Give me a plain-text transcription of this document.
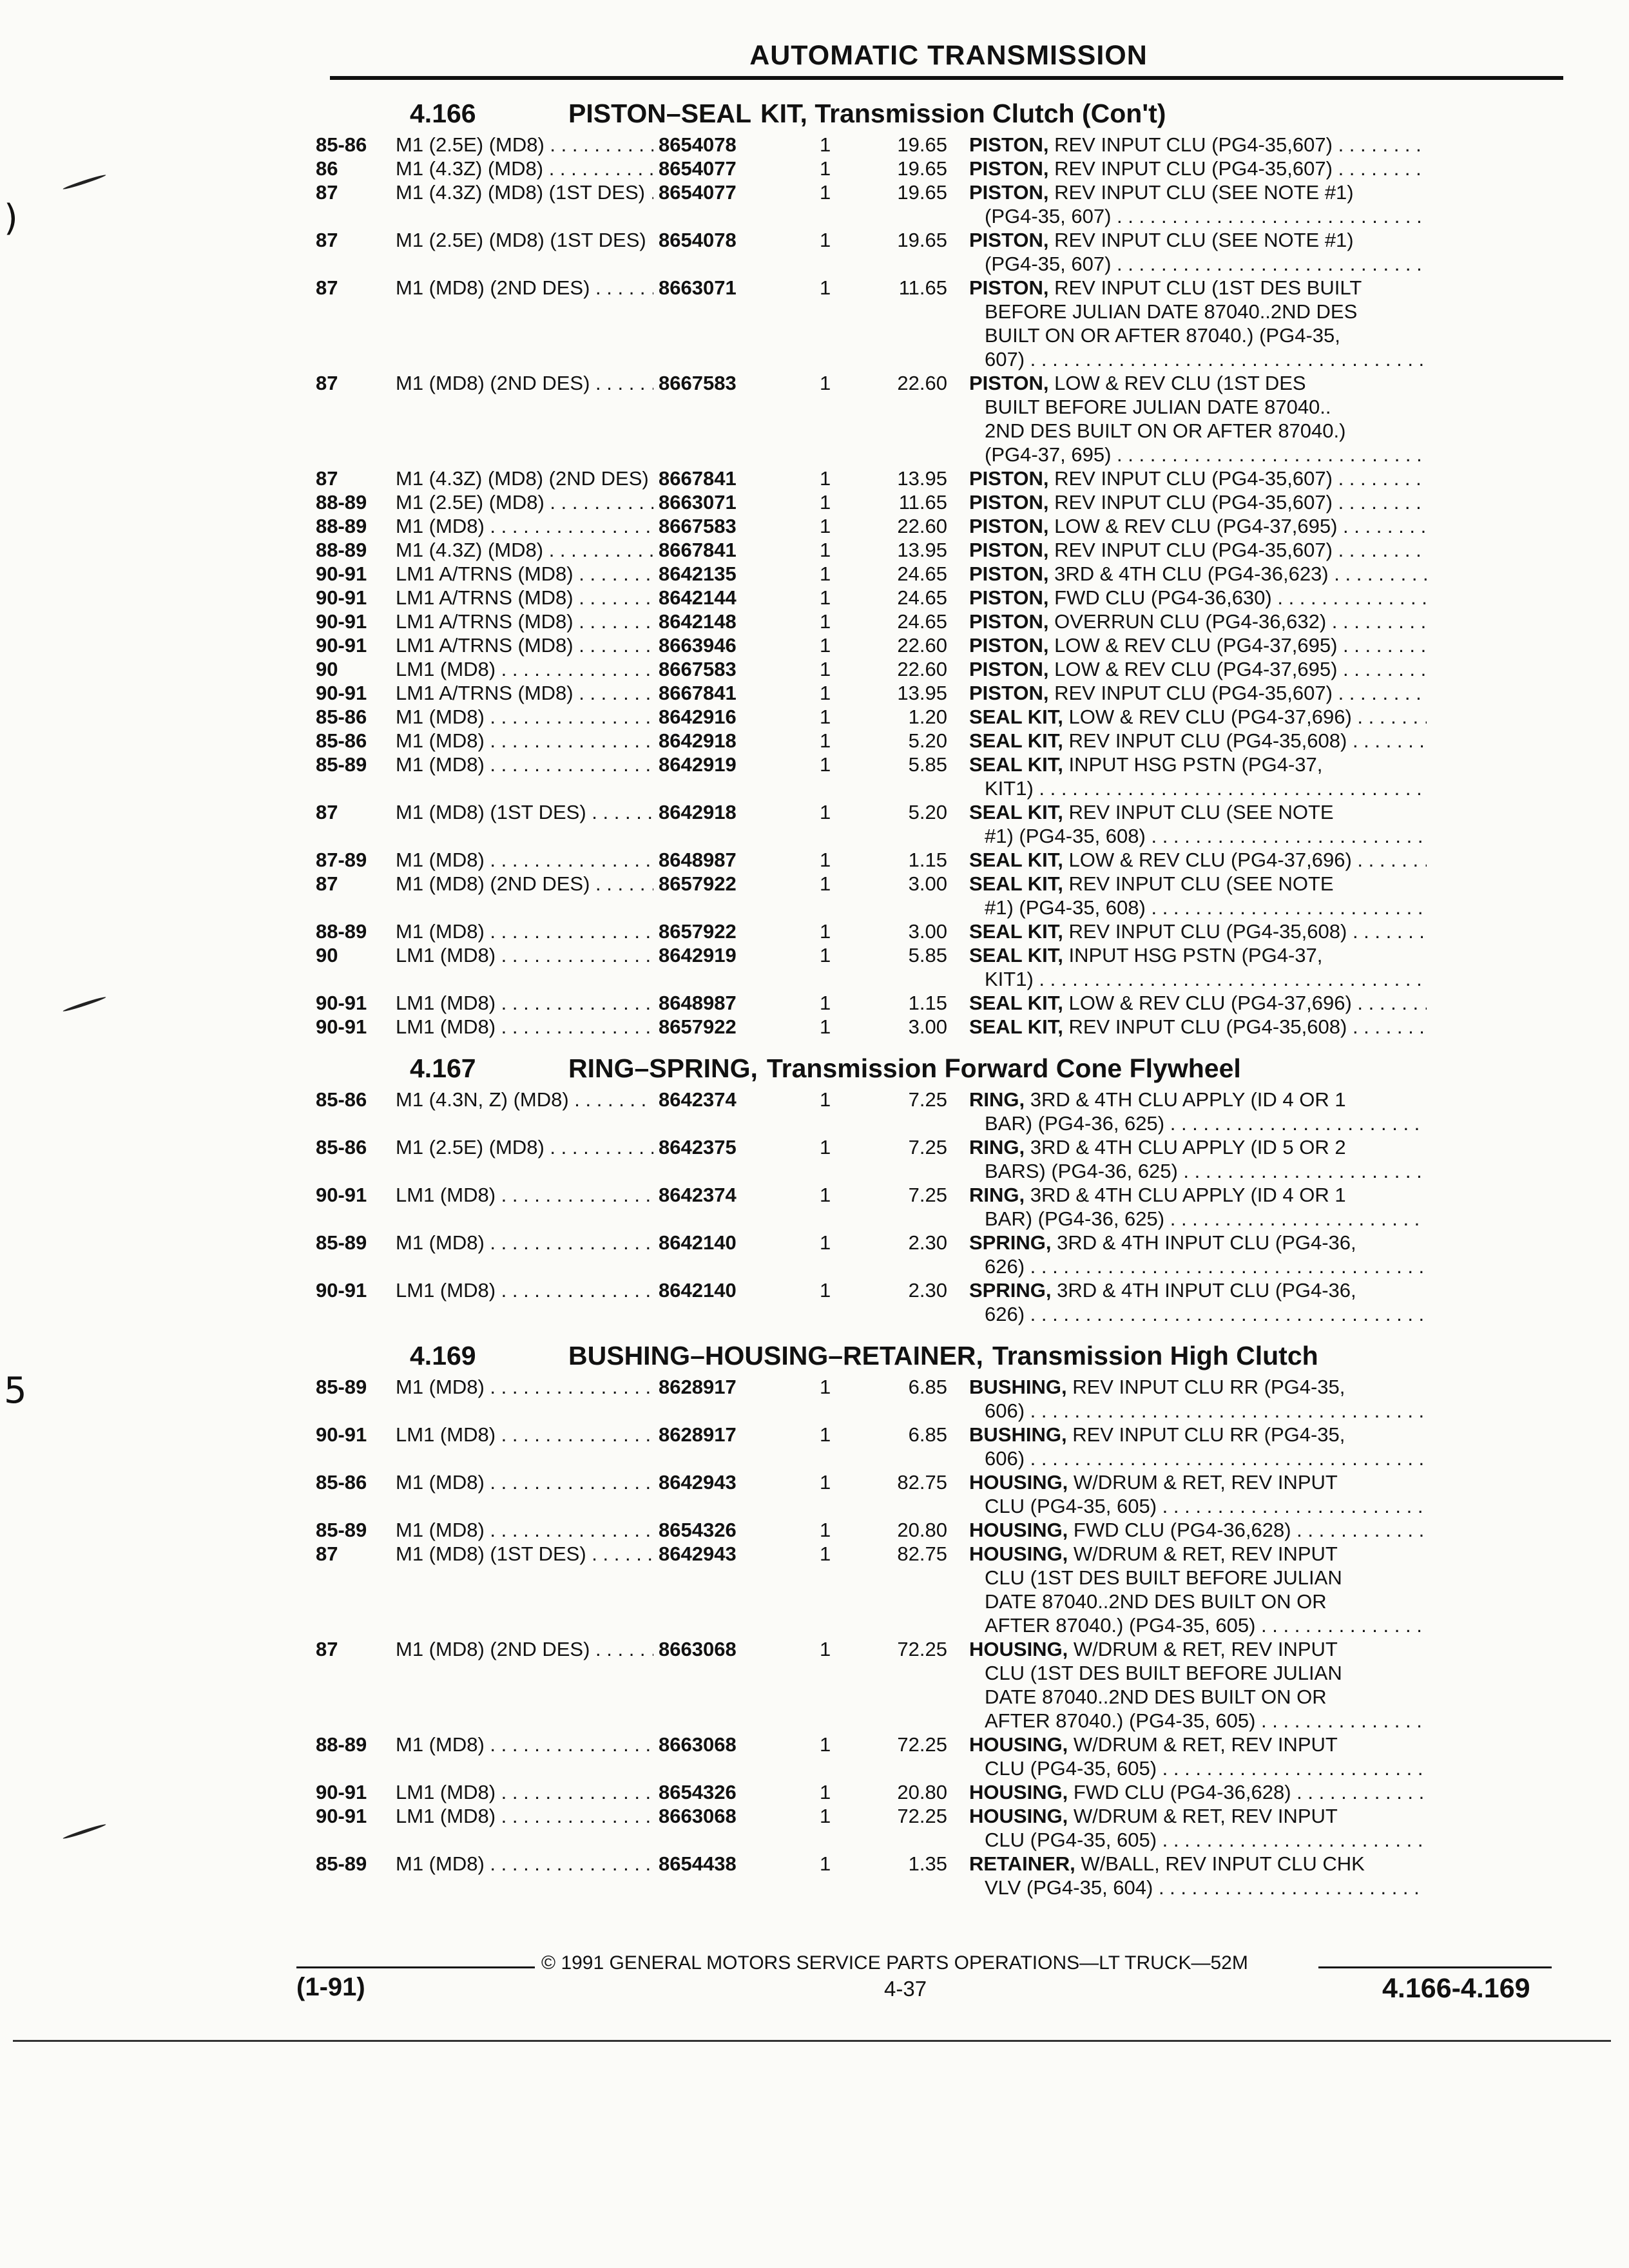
AUTOMATIC TRANSMISSION
4.166	PISTON–SEAL KIT, Transmission Clutch (Con't)
85-86	M1 (2.5E) (MD8) . . .	8654078	1	19.65	PISTON, REV INPUT CLU (PG4-35,607) . . .
86	M1 (4.3Z) (MD8) . . .	8654077	1	19.65	PISTON, REV INPUT CLU (PG4-35,607) . . .
87	M1 (4.3Z) (MD8) (1ST DES) . . . 8654077	1	19.65	PISTON, REV INPUT CLU (SEE NOTE #1)
(PG4-35, 607) . . .
87	M1 (2.5E) (MD8) (1ST DES) . . . 8654078	1	19.65	PISTON, REV INPUT CLU (SEE NOTE #1)
(PG4-35, 607) . . .
87	M1 (MD8) (2ND DES) . . .	8663071	1	11.65	PISTON, REV INPUT CLU (1ST DES BUILT
BEFORE JULIAN DATE 87040..2ND DES
BUILT ON OR AFTER 87040.) (PG4-35,
607) . . .
87	M1 (MD8) (2ND DES) . . .	8667583	1	22.60	PISTON, LOW & REV CLU (1ST DES
BUILT BEFORE JULIAN DATE 87040..
2ND DES BUILT ON OR AFTER 87040.)
(PG4-37, 695) . . .
87	M1 (4.3Z) (MD8) (2ND DES) . . . 8667841	1	13.95	PISTON, REV INPUT CLU (PG4-35,607) . . .
88-89	M1 (2.5E) (MD8) . . .	8663071	1	11.65	PISTON, REV INPUT CLU (PG4-35,607) . . .
88-89	M1 (MD8) . . .	8667583	1	22.60	PISTON, LOW & REV CLU (PG4-37,695) . . .
88-89	M1 (4.3Z) (MD8) . . .	8667841	1	13.95	PISTON, REV INPUT CLU (PG4-35,607) . . .
90-91	LM1 A/TRNS (MD8) . . .	8642135	1	24.65	PISTON, 3RD & 4TH CLU (PG4-36,623) . . .
90-91	LM1 A/TRNS (MD8) . . .	8642144	1	24.65	PISTON, FWD CLU (PG4-36,630) . . .
90-91	LM1 A/TRNS (MD8) . . .	8642148	1	24.65	PISTON, OVERRUN CLU (PG4-36,632) . . .
90-91	LM1 A/TRNS (MD8) . . .	8663946	1	22.60	PISTON, LOW & REV CLU (PG4-37,695) . . .
90	LM1 (MD8) . . .	8667583	1	22.60	PISTON, LOW & REV CLU (PG4-37,695) . . .
90-91	LM1 A/TRNS (MD8) . . .	8667841	1	13.95	PISTON, REV INPUT CLU (PG4-35,607) . . .
85-86	M1 (MD8) . . .	8642916	1	1.20	SEAL KIT, LOW & REV CLU (PG4-37,696) . . .
85-86	M1 (MD8) . . .	8642918	1	5.20	SEAL KIT, REV INPUT CLU (PG4-35,608) . . .
85-89	M1 (MD8) . . .	8642919	1	5.85	SEAL KIT, INPUT HSG PSTN (PG4-37,
KIT1) . . .
87	M1 (MD8) (1ST DES) . . .	8642918	1	5.20	SEAL KIT, REV INPUT CLU (SEE NOTE
#1) (PG4-35, 608) . . .
87-89	M1 (MD8) . . .	8648987	1	1.15	SEAL KIT, LOW & REV CLU (PG4-37,696) . . .
87	M1 (MD8) (2ND DES) . . .	8657922	1	3.00	SEAL KIT, REV INPUT CLU (SEE NOTE
#1) (PG4-35, 608) . . .
88-89	M1 (MD8) . . .	8657922	1	3.00	SEAL KIT, REV INPUT CLU (PG4-35,608) . . .
90	LM1 (MD8) . . .	8642919	1	5.85	SEAL KIT, INPUT HSG PSTN (PG4-37,
KIT1) . . .
90-91	LM1 (MD8) . . .	8648987	1	1.15	SEAL KIT, LOW & REV CLU (PG4-37,696) . . .
90-91	LM1 (MD8) . . .	8657922	1	3.00	SEAL KIT, REV INPUT CLU (PG4-35,608) . . .
4.167	RING–SPRING, Transmission Forward Cone Flywheel
85-86	M1 (4.3N, Z) (MD8) . . .	8642374	1	7.25	RING, 3RD & 4TH CLU APPLY (ID 4 OR 1
BAR) (PG4-36, 625) . . .
85-86	M1 (2.5E) (MD8) . . .	8642375	1	7.25	RING, 3RD & 4TH CLU APPLY (ID 5 OR 2
BARS) (PG4-36, 625) . . .
90-91	LM1 (MD8) . . .	8642374	1	7.25	RING, 3RD & 4TH CLU APPLY (ID 4 OR 1
BAR) (PG4-36, 625) . . .
85-89	M1 (MD8) . . .	8642140	1	2.30	SPRING, 3RD & 4TH INPUT CLU (PG4-36,
626) . . .
90-91	LM1 (MD8) . . .	8642140	1	2.30	SPRING, 3RD & 4TH INPUT CLU (PG4-36,
626) . . .
4.169	BUSHING–HOUSING–RETAINER, Transmission High Clutch
85-89	M1 (MD8) . . .	8628917	1	6.85	BUSHING, REV INPUT CLU RR (PG4-35,
606) . . .
90-91	LM1 (MD8) . . .	8628917	1	6.85	BUSHING, REV INPUT CLU RR (PG4-35,
606) . . .
85-86	M1 (MD8) . . .	8642943	1	82.75	HOUSING, W/DRUM & RET, REV INPUT
CLU (PG4-35, 605) . . .
85-89	M1 (MD8) . . .	8654326	1	20.80	HOUSING, FWD CLU (PG4-36,628) . . .
87	M1 (MD8) (1ST DES) . . .	8642943	1	82.75	HOUSING, W/DRUM & RET, REV INPUT
CLU (1ST DES BUILT BEFORE JULIAN
DATE 87040..2ND DES BUILT ON OR
AFTER 87040.) (PG4-35, 605) . . .
87	M1 (MD8) (2ND DES) . . .	8663068	1	72.25	HOUSING, W/DRUM & RET, REV INPUT
CLU (1ST DES BUILT BEFORE JULIAN
DATE 87040..2ND DES BUILT ON OR
AFTER 87040.) (PG4-35, 605) . . .
88-89	M1 (MD8) . . .	8663068	1	72.25	HOUSING, W/DRUM & RET, REV INPUT
CLU (PG4-35, 605) . . .
90-91	LM1 (MD8) . . .	8654326	1	20.80	HOUSING, FWD CLU (PG4-36,628) . . .
90-91	LM1 (MD8) . . .	8663068	1	72.25	HOUSING, W/DRUM & RET, REV INPUT
CLU (PG4-35, 605) . . .
85-89	M1 (MD8) . . .	8654438	1	1.35	RETAINER, W/BALL, REV INPUT CLU CHK
VLV (PG4-35, 604) . . .
© 1991 GENERAL MOTORS SERVICE PARTS OPERATIONS—LT TRUCK—52M
(1-91)	4-37	4.166-4.169
)
5
